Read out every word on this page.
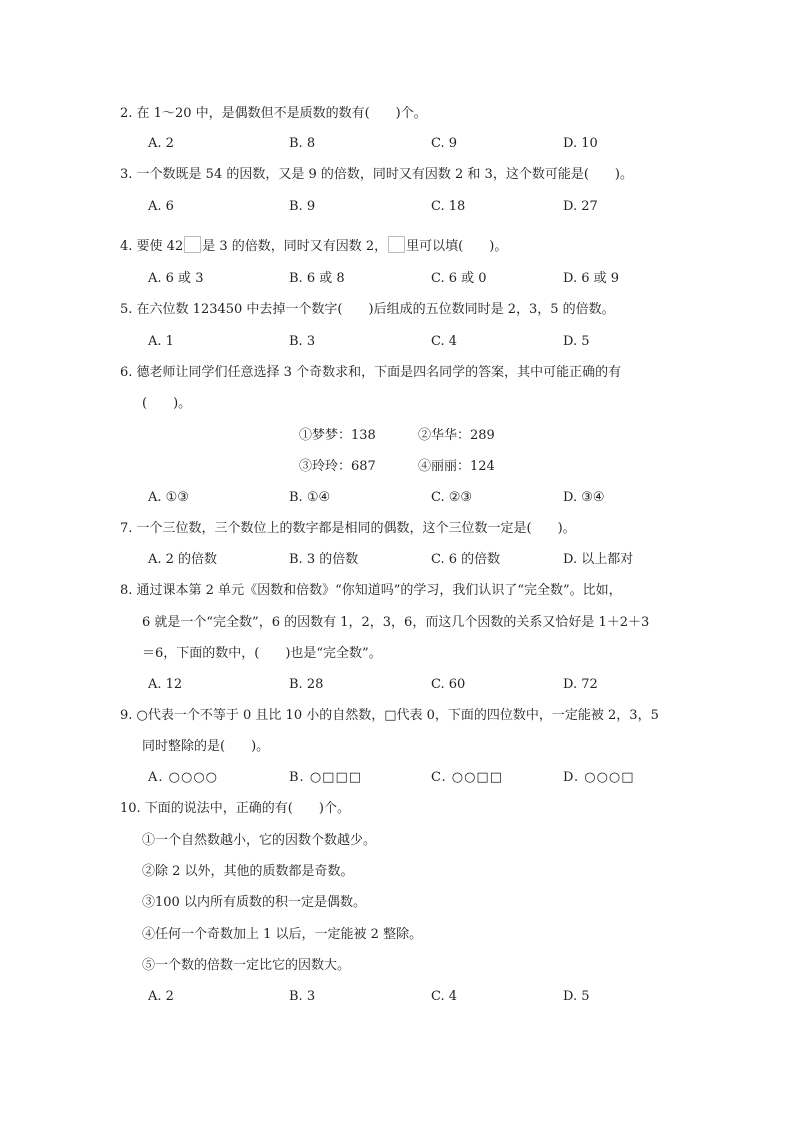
2. 在 1～20 中，是偶数但不是质数的数有(　　)个。
A. 2	B. 8	C. 9	D. 10
3. 一个数既是 54 的因数，又是 9 的倍数，同时又有因数 2 和 3，这个数可能是(　　)。
A. 6	B. 9	C. 18	D. 27
4. 要使 42 是 3 的倍数，同时又有因数 2， 里可以填(　　)。
A. 6 或 3	B. 6 或 8	C. 6 或 0	D. 6 或 9
5. 在六位数 123450 中去掉一个数字(　　)后组成的五位数同时是 2，3，5 的倍数。
A. 1	B. 3	C. 4	D. 5
6. 德老师让同学们任意选择 3 个奇数求和，下面是四名同学的答案，其中可能正确的有
(　　)。
①梦梦：138	②华华：289
③玲玲：687	④丽丽：124
A. ①③	B. ①④	C. ②③	D. ③④
7. 一个三位数，三个数位上的数字都是相同的偶数，这个三位数一定是(　　)。
A. 2 的倍数	B. 3 的倍数	C. 6 的倍数	D. 以上都对
8. 通过课本第 2 单元《因数和倍数》“你知道吗”的学习，我们认识了“完全数”。比如，
6 就是一个“完全数”，6 的因数有 1，2，3，6，而这几个因数的关系又恰好是 1＋2＋3
＝6，下面的数中，(　　)也是“完全数”。
A. 12	B. 28	C. 60	D. 72
9. ○代表一个不等于 0 且比 10 小的自然数，□代表 0，下面的四位数中，一定能被 2，3，5
同时整除的是(　　)。
A. ○○○○	B. ○□□□	C. ○○□□	D. ○○○□
10. 下面的说法中，正确的有(　　)个。
①一个自然数越小，它的因数个数越少。
②除 2 以外，其他的质数都是奇数。
③100 以内所有质数的积一定是偶数。
④任何一个奇数加上 1 以后，一定能被 2 整除。
⑤一个数的倍数一定比它的因数大。
A. 2	B. 3	C. 4	D. 5
